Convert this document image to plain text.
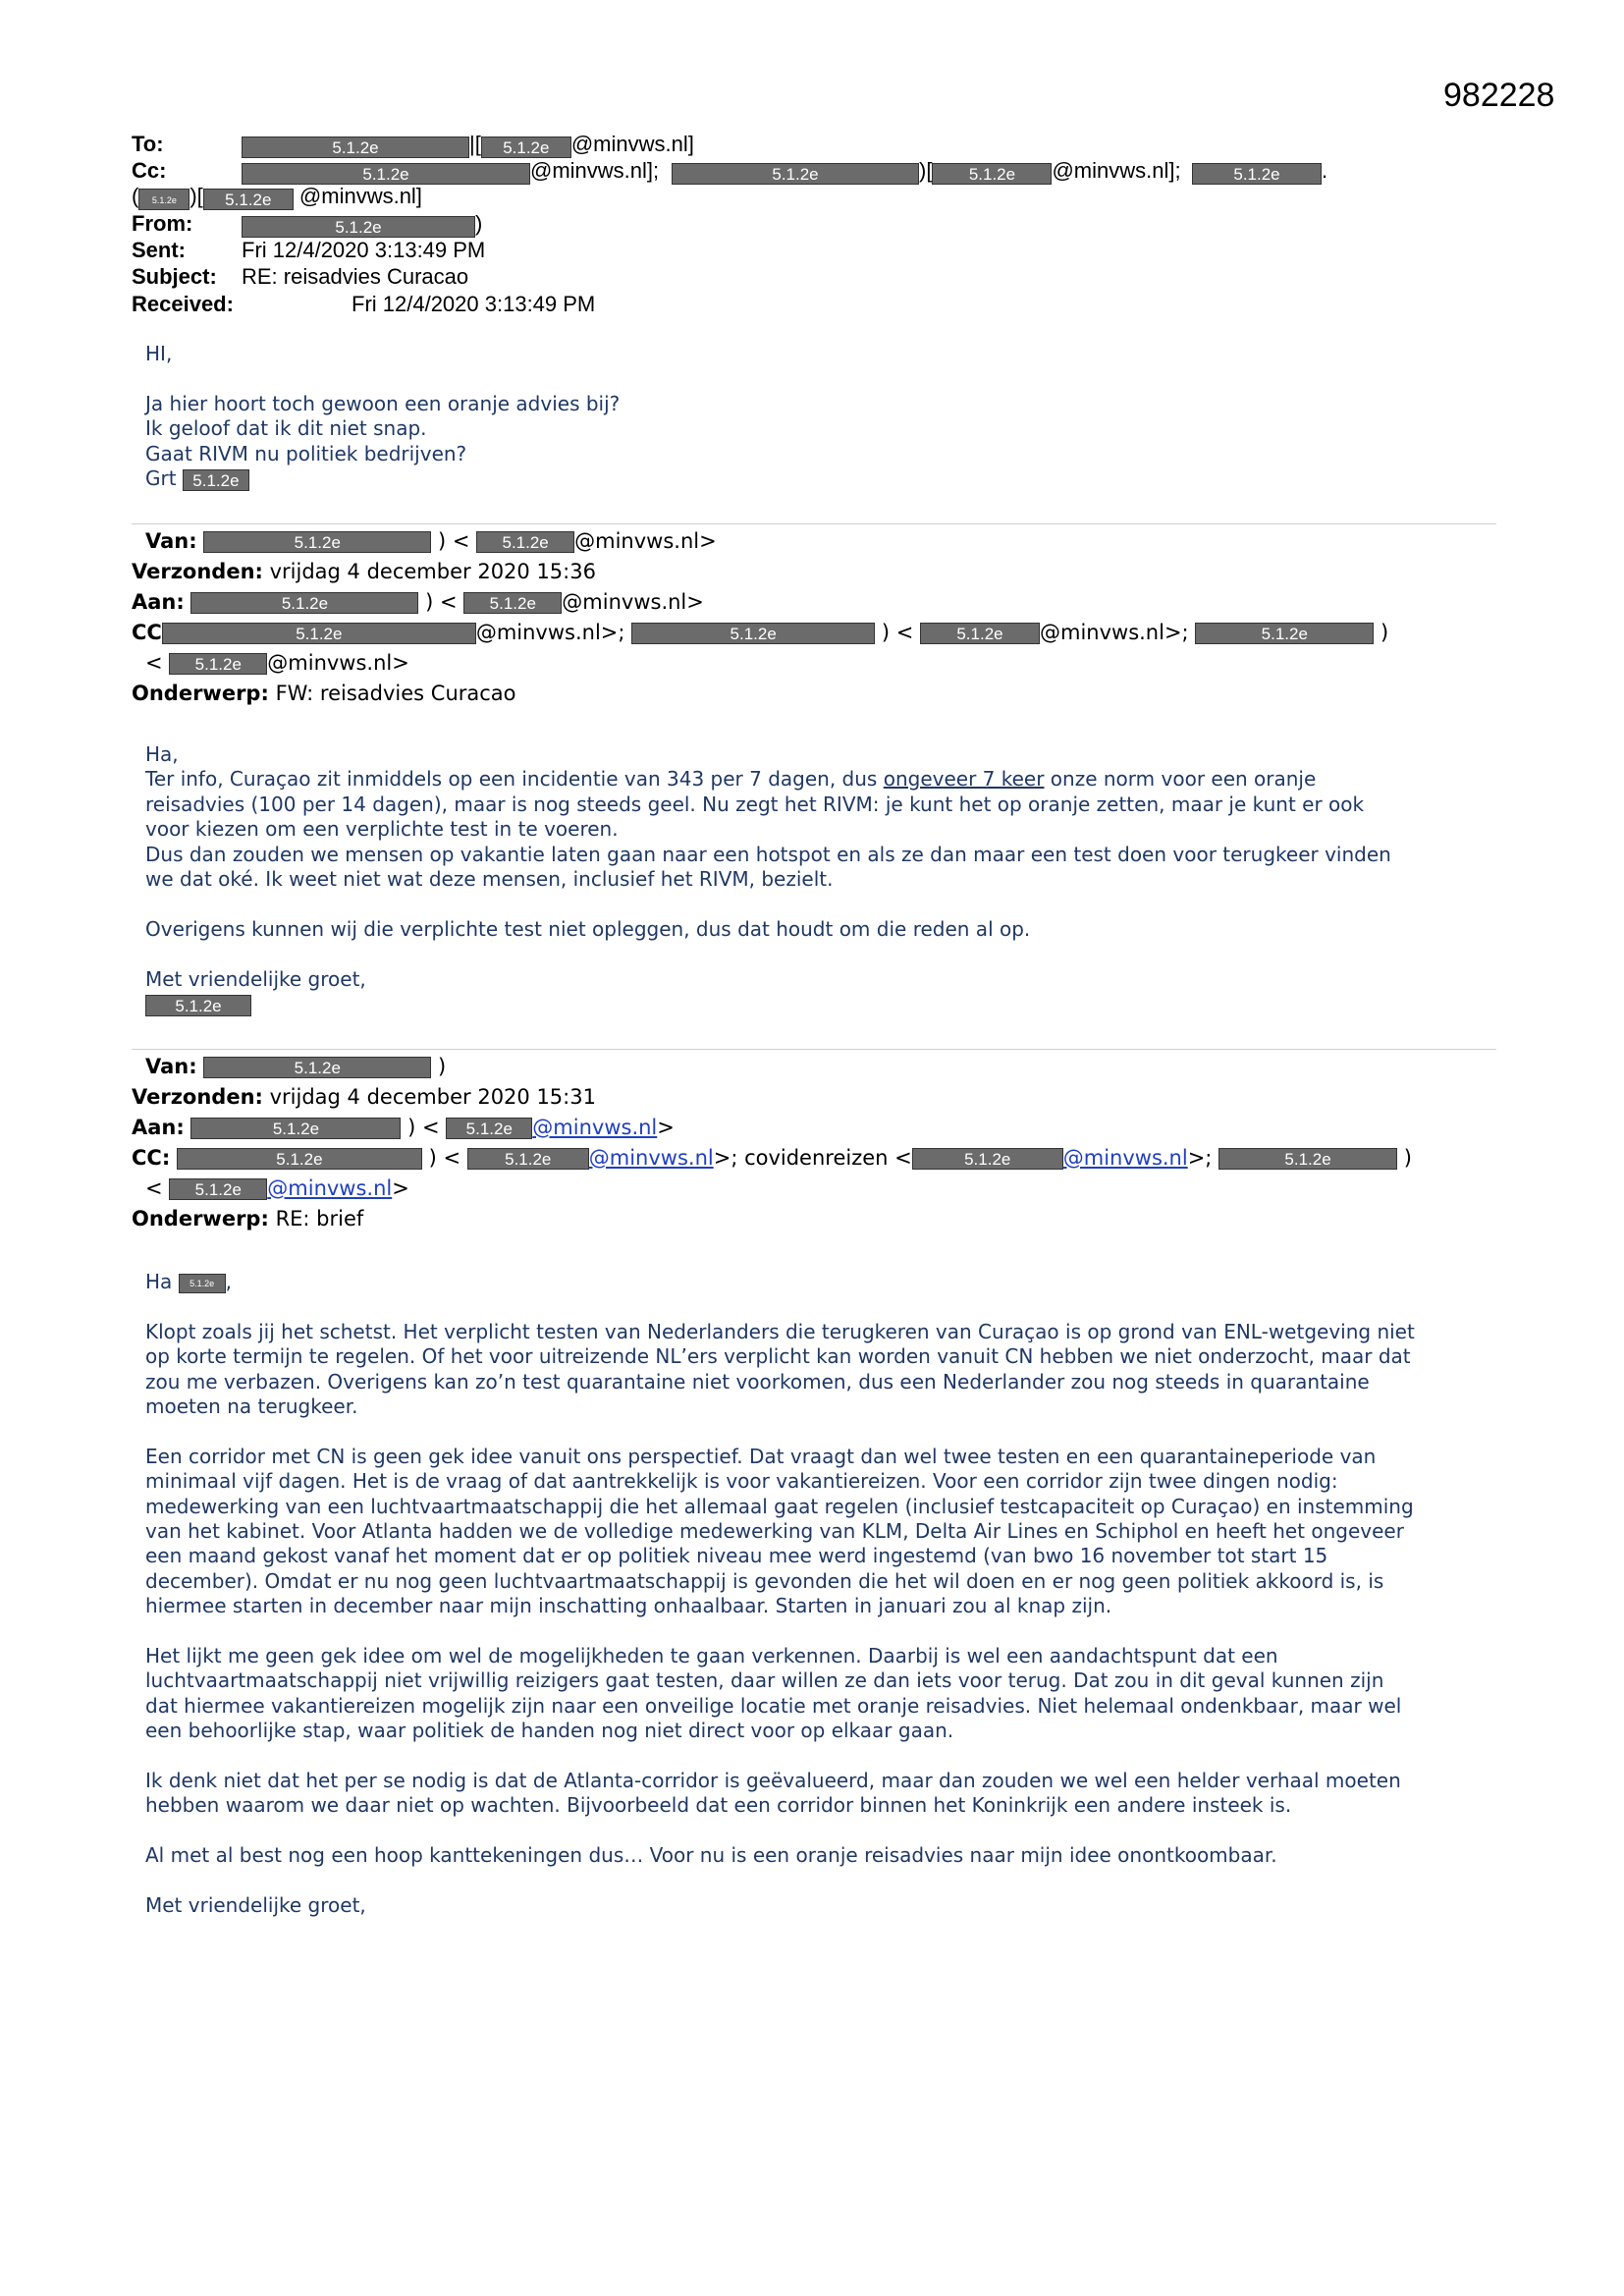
982228
To:	5.1.2e	|[ 5.1.2e @minvws.nl]
Cc:	5.1.2e	@minvws.nl];	5.1.2e	)[ 5.1.2e @minvws.nl];	5.1.2e .
( 5.1.2e )[ 5.1.2e @minvws.nl]
From:	5.1.2e	)
Sent:	Fri 12/4/2020 3:13:49 PM
Subject: RE: reisadvies Curacao
Received:	Fri 12/4/2020 3:13:49 PM

HI,

Ja hier hoort toch gewoon een oranje advies bij?

Ik geloof dat ik dit niet snap.

Gaat RIVM nu politiek bedrijven?

Grt 5.1.2e

Van:	5.1.2e	) < 5.1.2e @minvws.nl>
Verzonden: vrijdag 4 december 2020 15:36
Aan:	5.1.2e	) < 5.1.2e @minvws.nl>
CC	5.1.2e	@minvws.nl>;	5.1.2e	) < 5.1.2e @minvws.nl>;	5.1.2e	)
< 5.1.2e @minvws.nl>
Onderwerp: FW: reisadvies Curacao

Ha,

Ter info, Curaçao zit inmiddels op een incidentie van 343 per 7 dagen, dus ongeveer 7 keer onze norm voor een oranje

reisadvies (100 per 14 dagen), maar is nog steeds geel. Nu zegt het RIVM: je kunt het op oranje zetten, maar je kunt er ook

voor kiezen om een verplichte test in te voeren.

Dus dan zouden we mensen op vakantie laten gaan naar een hotspot en als ze dan maar een test doen voor terugkeer vinden

we dat oké. Ik weet niet wat deze mensen, inclusief het RIVM, bezielt.

Overigens kunnen wij die verplichte test niet opleggen, dus dat houdt om die reden al op.

Met vriendelijke groet,

5.1.2e

Van:	5.1.2e	)
Verzonden: vrijdag 4 december 2020 15:31
Aan:	5.1.2e	) < 5.1.2e @minvws.nl>
CC:	5.1.2e	) < 5.1.2e @minvws.nl>; covidenreizen <	5.1.2e	@minvws.nl>;	5.1.2e	)
< 5.1.2e @minvws.nl>
Onderwerp: RE: brief

Ha 5.1.2e ,

Klopt zoals jij het schetst. Het verplicht testen van Nederlanders die terugkeren van Curaçao is op grond van ENL-wetgeving niet

op korte termijn te regelen. Of het voor uitreizende NL’ers verplicht kan worden vanuit CN hebben we niet onderzocht, maar dat

zou me verbazen. Overigens kan zo’n test quarantaine niet voorkomen, dus een Nederlander zou nog steeds in quarantaine

moeten na terugkeer.

Een corridor met CN is geen gek idee vanuit ons perspectief. Dat vraagt dan wel twee testen en een quarantaineperiode van

minimaal vijf dagen. Het is de vraag of dat aantrekkelijk is voor vakantiereizen. Voor een corridor zijn twee dingen nodig:

medewerking van een luchtvaartmaatschappij die het allemaal gaat regelen (inclusief testcapaciteit op Curaçao) en instemming

van het kabinet. Voor Atlanta hadden we de volledige medewerking van KLM, Delta Air Lines en Schiphol en heeft het ongeveer

een maand gekost vanaf het moment dat er op politiek niveau mee werd ingestemd (van bwo 16 november tot start 15

december). Omdat er nu nog geen luchtvaartmaatschappij is gevonden die het wil doen en er nog geen politiek akkoord is, is

hiermee starten in december naar mijn inschatting onhaalbaar. Starten in januari zou al knap zijn.

Het lijkt me geen gek idee om wel de mogelijkheden te gaan verkennen. Daarbij is wel een aandachtspunt dat een

luchtvaartmaatschappij niet vrijwillig reizigers gaat testen, daar willen ze dan iets voor terug. Dat zou in dit geval kunnen zijn

dat hiermee vakantiereizen mogelijk zijn naar een onveilige locatie met oranje reisadvies. Niet helemaal ondenkbaar, maar wel

een behoorlijke stap, waar politiek de handen nog niet direct voor op elkaar gaan.

Ik denk niet dat het per se nodig is dat de Atlanta-corridor is geëvalueerd, maar dan zouden we wel een helder verhaal moeten

hebben waarom we daar niet op wachten. Bijvoorbeeld dat een corridor binnen het Koninkrijk een andere insteek is.

Al met al best nog een hoop kanttekeningen dus… Voor nu is een oranje reisadvies naar mijn idee onontkoombaar.

Met vriendelijke groet,
